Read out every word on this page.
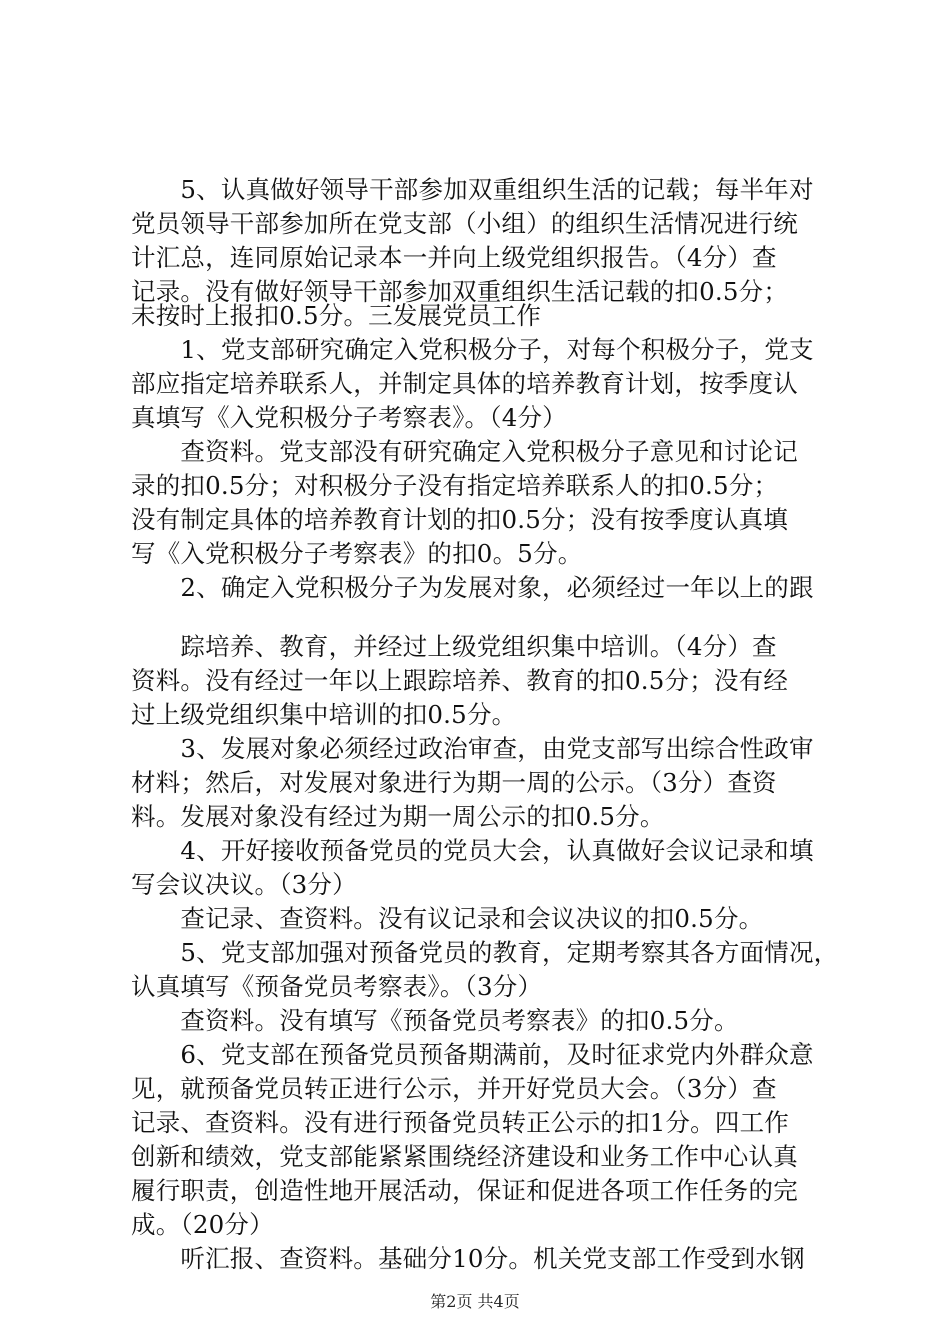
　　5、认真做好领导干部参加双重组织生活的记载；每半年对
党员领导干部参加所在党支部（小组）的组织生活情况进行统
计汇总，连同原始记录本一并向上级党组织报告。（4分）查
记录。没有做好领导干部参加双重组织生活记载的扣0.5分；
未按时上报扣0.5分。三发展党员工作
　　1、党支部研究确定入党积极分子，对每个积极分子，党支
部应指定培养联系人，并制定具体的培养教育计划，按季度认
真填写《入党积极分子考察表》。（4分）
　　查资料。党支部没有研究确定入党积极分子意见和讨论记
录的扣0.5分；对积极分子没有指定培养联系人的扣0.5分；
没有制定具体的培养教育计划的扣0.5分；没有按季度认真填
写《入党积极分子考察表》的扣0。5分。
　　2、确定入党积极分子为发展对象，必须经过一年以上的跟
　　踪培养、教育，并经过上级党组织集中培训。（4分）查
资料。没有经过一年以上跟踪培养、教育的扣0.5分；没有经
过上级党组织集中培训的扣0.5分。
　　3、发展对象必须经过政治审查，由党支部写出综合性政审
材料；然后，对发展对象进行为期一周的公示。（3分）查资
料。发展对象没有经过为期一周公示的扣0.5分。
　　4、开好接收预备党员的党员大会，认真做好会议记录和填
写会议决议。（3分）
　　查记录、查资料。没有议记录和会议决议的扣0.5分。
　　5、党支部加强对预备党员的教育，定期考察其各方面情况，
认真填写《预备党员考察表》。（3分）
　　查资料。没有填写《预备党员考察表》的扣0.5分。
　　6、党支部在预备党员预备期满前，及时征求党内外群众意
见，就预备党员转正进行公示，并开好党员大会。（3分）查
记录、查资料。没有进行预备党员转正公示的扣1分。四工作
创新和绩效，党支部能紧紧围绕经济建设和业务工作中心认真
履行职责，创造性地开展活动，保证和促进各项工作任务的完
成。（20分）
　　听汇报、查资料。基础分10分。机关党支部工作受到水钢
第2页 共4页
